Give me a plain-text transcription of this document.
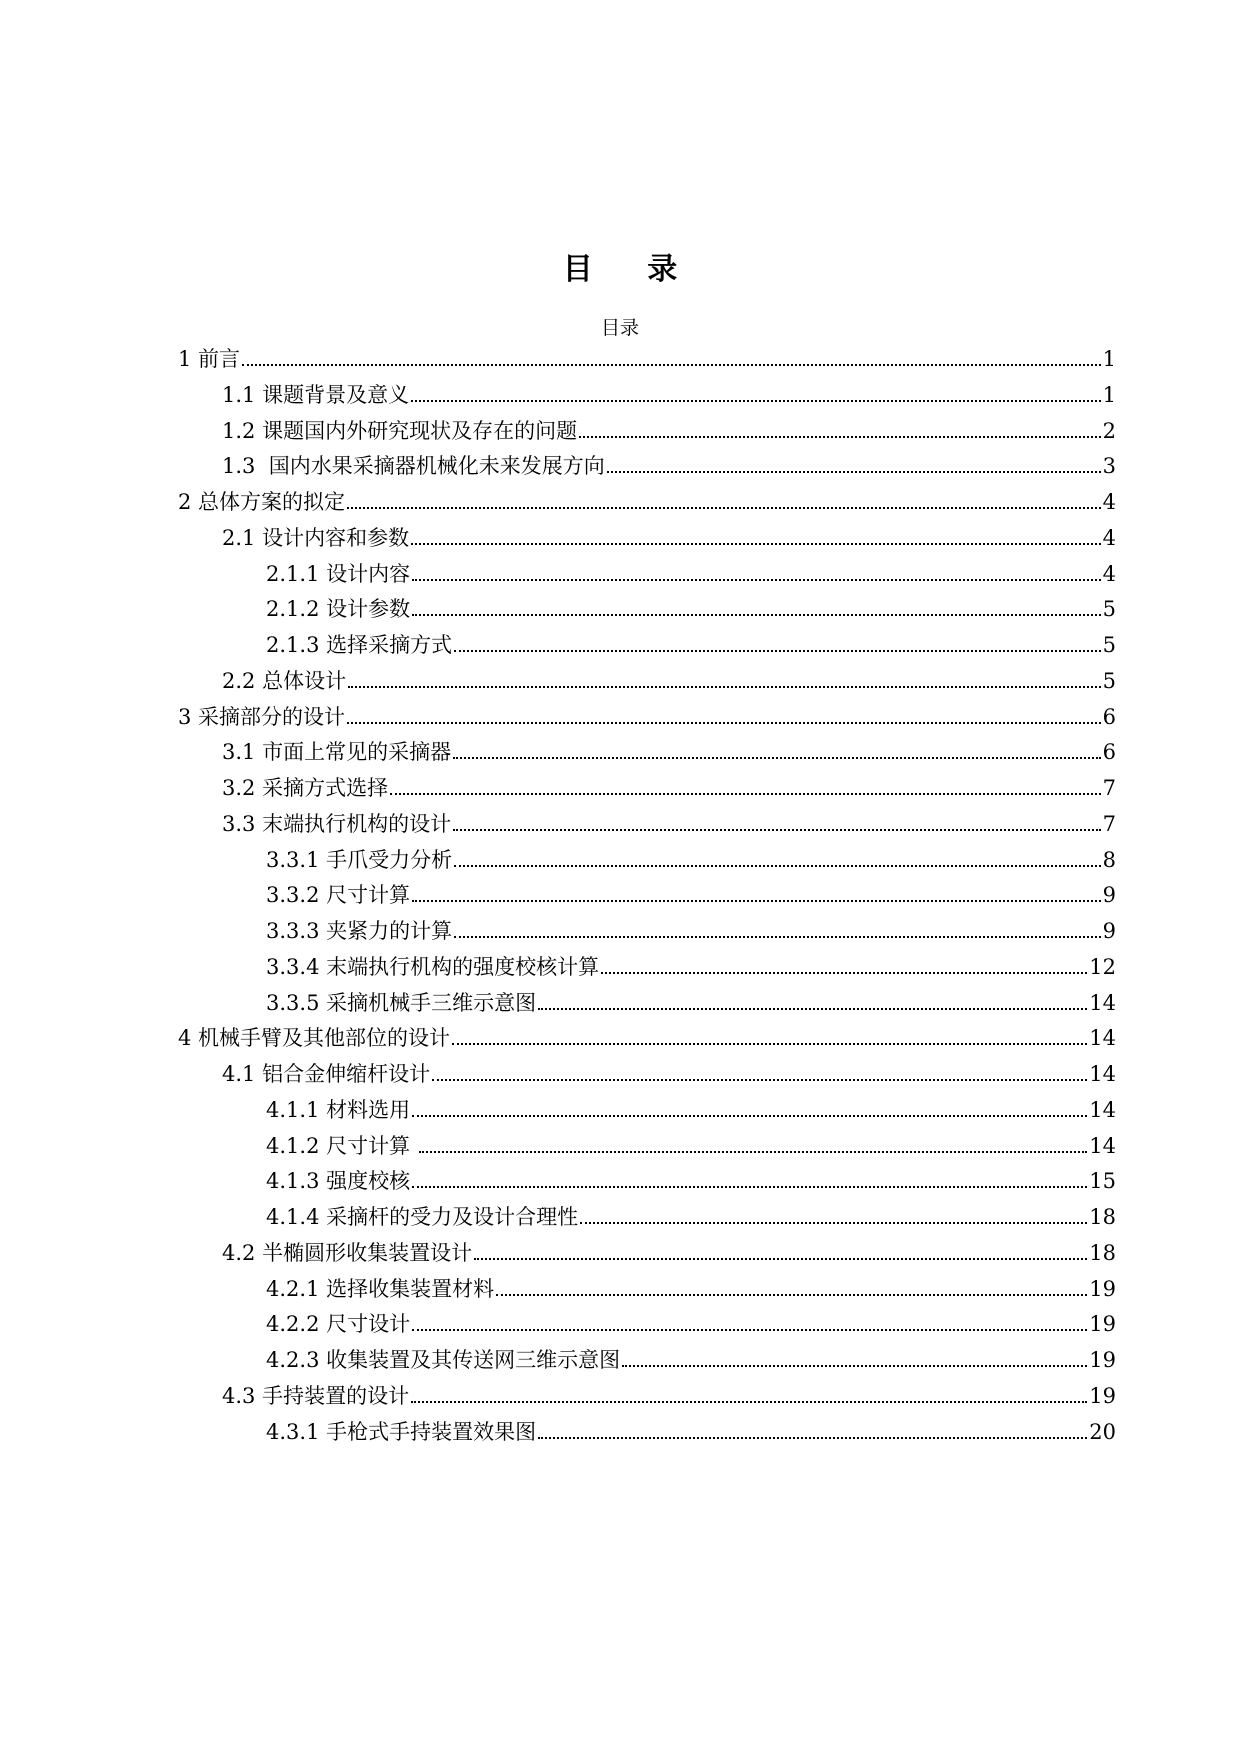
目 录
目录
1 前言	1
1.1 课题背景及意义	1
1.2 课题国内外研究现状及存在的问题	2
1.3  国内水果采摘器机械化未来发展方向	3
2 总体方案的拟定	4
2.1 设计内容和参数	4
2.1.1 设计内容	4
2.1.2 设计参数	5
2.1.3 选择采摘方式	5
2.2 总体设计	5
3 采摘部分的设计	6
3.1 市面上常见的采摘器	6
3.2 采摘方式选择	7
3.3 末端执行机构的设计	7
3.3.1 手爪受力分析	8
3.3.2 尺寸计算	9
3.3.3 夹紧力的计算	9
3.3.4 末端执行机构的强度校核计算	12
3.3.5 采摘机械手三维示意图	14
4 机械手臂及其他部位的设计	14
4.1 铝合金伸缩杆设计	14
4.1.1 材料选用	14
4.1.2 尺寸计算	14
4.1.3 强度校核	15
4.1.4 采摘杆的受力及设计合理性	18
4.2 半椭圆形收集装置设计	18
4.2.1 选择收集装置材料	19
4.2.2 尺寸设计	19
4.2.3 收集装置及其传送网三维示意图	19
4.3 手持装置的设计	19
4.3.1 手枪式手持装置效果图	20
